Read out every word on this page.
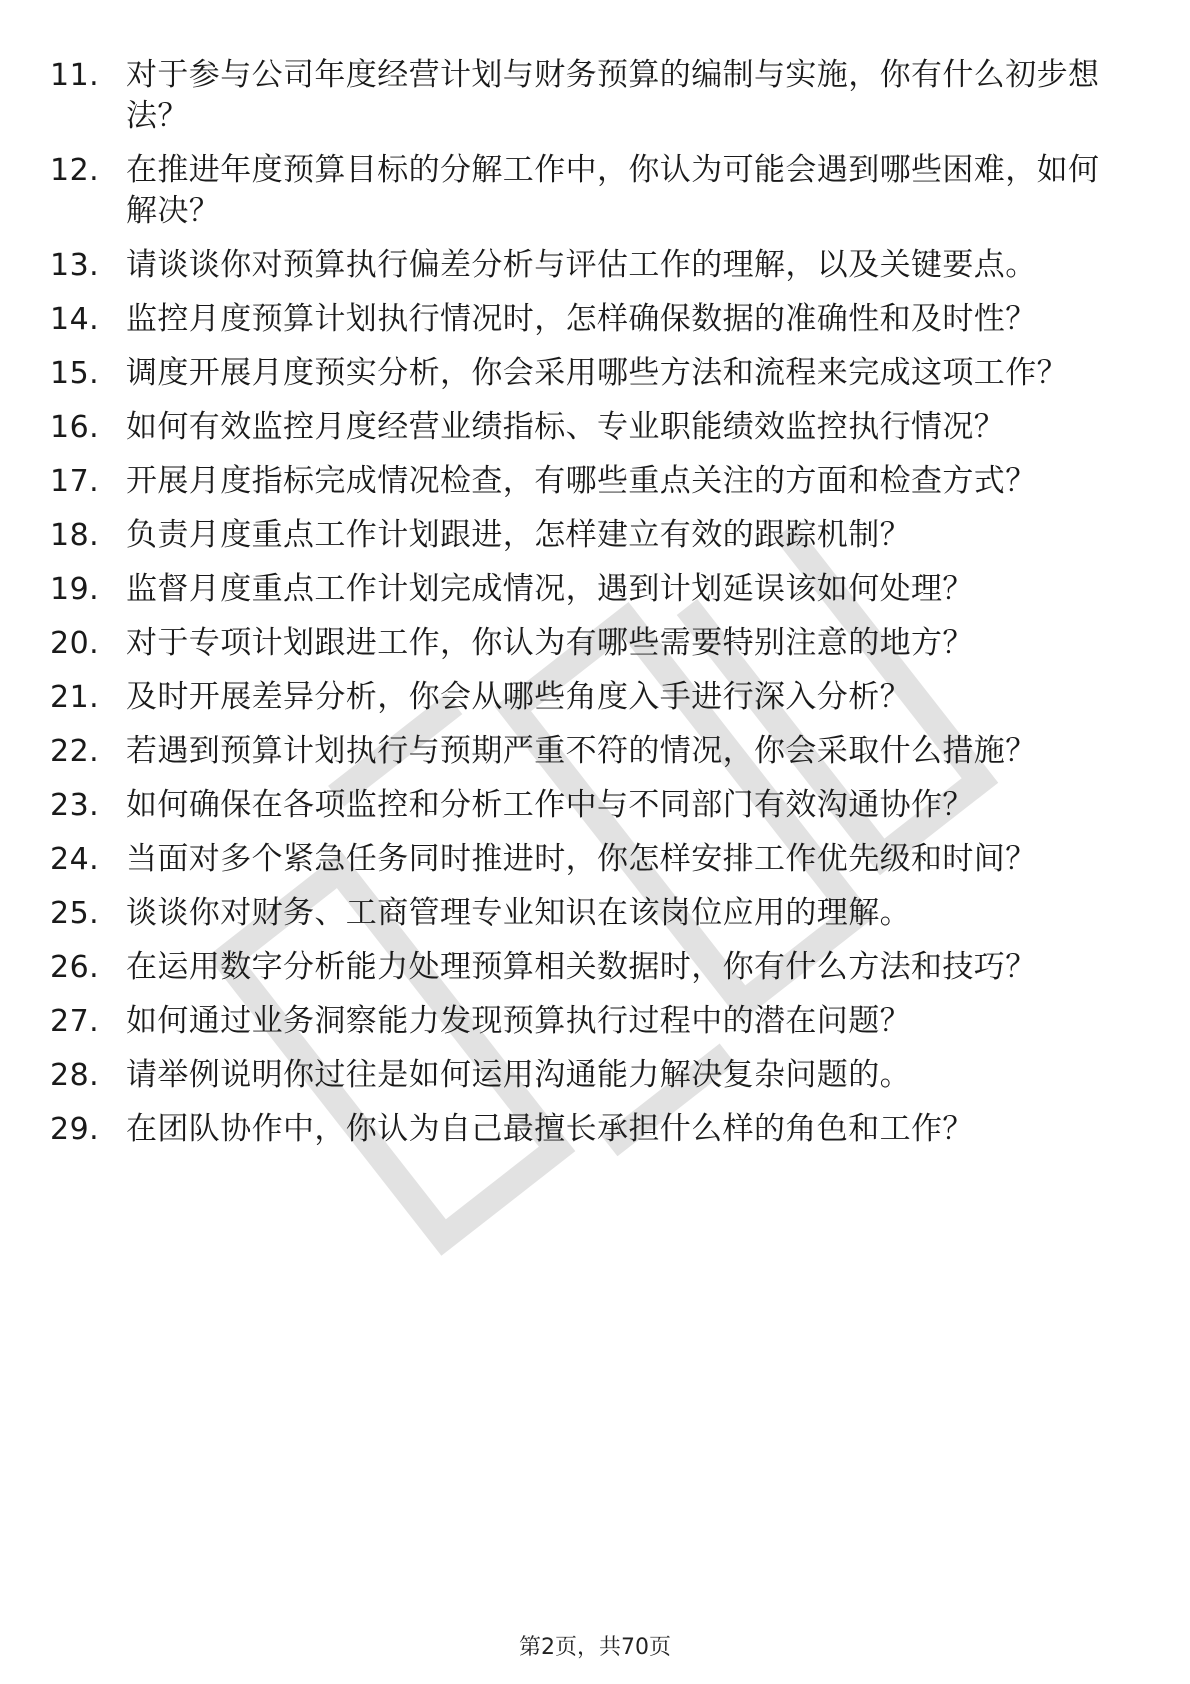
11. 对于参与公司年度经营计划与财务预算的编制与实施，你有什么初步想法？
12. 在推进年度预算目标的分解工作中，你认为可能会遇到哪些困难，如何解决？
13. 请谈谈你对预算执行偏差分析与评估工作的理解，以及关键要点。
14. 监控月度预算计划执行情况时，怎样确保数据的准确性和及时性？
15. 调度开展月度预实分析，你会采用哪些方法和流程来完成这项工作？
16. 如何有效监控月度经营业绩指标、专业职能绩效监控执行情况？
17. 开展月度指标完成情况检查，有哪些重点关注的方面和检查方式？
18. 负责月度重点工作计划跟进，怎样建立有效的跟踪机制？
19. 监督月度重点工作计划完成情况，遇到计划延误该如何处理？
20. 对于专项计划跟进工作，你认为有哪些需要特别注意的地方？
21. 及时开展差异分析，你会从哪些角度入手进行深入分析？
22. 若遇到预算计划执行与预期严重不符的情况，你会采取什么措施？
23. 如何确保在各项监控和分析工作中与不同部门有效沟通协作？
24. 当面对多个紧急任务同时推进时，你怎样安排工作优先级和时间？
25. 谈谈你对财务、工商管理专业知识在该岗位应用的理解。
26. 在运用数字分析能力处理预算相关数据时，你有什么方法和技巧？
27. 如何通过业务洞察能力发现预算执行过程中的潜在问题？
28. 请举例说明你过往是如何运用沟通能力解决复杂问题的。
29. 在团队协作中，你认为自己最擅长承担什么样的角色和工作？
第2页，共70页
